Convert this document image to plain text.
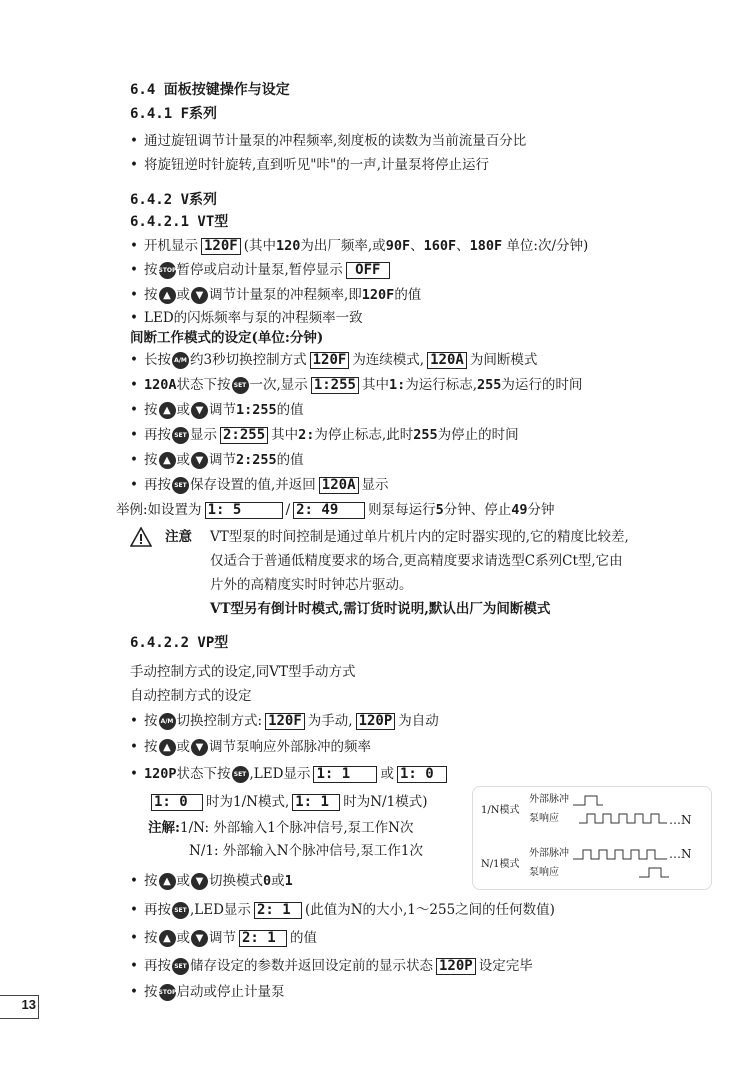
6.4 面板按键操作与设定
6.4.1 F系列
• 通过旋钮调节计量泵的冲程频率,刻度板的读数为当前流量百分比
• 将旋钮逆时针旋转,直到听见"咔"的一声,计量泵将停止运行
6.4.2 V系列
6.4.2.1 VT型
• 开机显示 120F (其中120为出厂频率,或90F、160F、180F 单位:次/分钟)
• 按STOP暂停或启动计量泵,暂停显示 OFF
• 按 ▲ 或 ▼ 调节计量泵的冲程频率,即120F的值
• LED的闪烁频率与泵的冲程频率一致
间断工作模式的设定(单位:分钟)
• 长按 A/M 约3秒切换控制方式 120F 为连续模式, 120A 为间断模式
• 120A状态下按 SET 一次,显示 1:255 其中1:为运行标志,255为运行的时间
• 按 ▲ 或 ▼ 调节1:255的值
• 再按 SET 显示 2:255 其中2:为停止标志,此时255为停止的时间
• 按 ▲ 或 ▼ 调节2:255的值
• 再按 SET 保存设置的值,并返回 120A 显示
举例:如设置为 1: 5	/ 2: 49 则泵每运行5分钟、停止49分钟
注意 VT型泵的时间控制是通过单片机片内的定时器实现的,它的精度比较差,
仅适合于普通低精度要求的场合,更高精度要求请选型C系列Ct型,它由
片外的高精度实时时钟芯片驱动。
VT型另有倒计时模式,需订货时说明,默认出厂为间断模式
6.4.2.2 VP型
手动控制方式的设定,同VT型手动方式
自动控制方式的设定
• 按 A/M 切换控制方式: 120F 为手动, 120P 为自动
• 按 ▲ 或 ▼ 调节泵响应外部脉冲的频率
• 120P状态下按 SET ,LED显示 1: 1 或 1: 0
1: 0 时为1/N模式, 1: 1 时为N/1模式)
注解:1/N: 外部输入1个脉冲信号,泵工作N次
N/1: 外部输入N个脉冲信号,泵工作1次
1/N模式
外部脉冲
泵响应	…N
N/1模式
外部脉冲
泵响应
…N
• 按 ▲ 或 ▼ 切换模式0或1
• 再按 SET ,LED显示 2: 1 (此值为N的大小,1～255之间的任何数值)
• 按 ▲ 或 ▼ 调节 2: 1 的值
• 再按 SET 储存设定的参数并返回设定前的显示状态 120P 设定完毕
• 按STOP启动或停止计量泵
13
